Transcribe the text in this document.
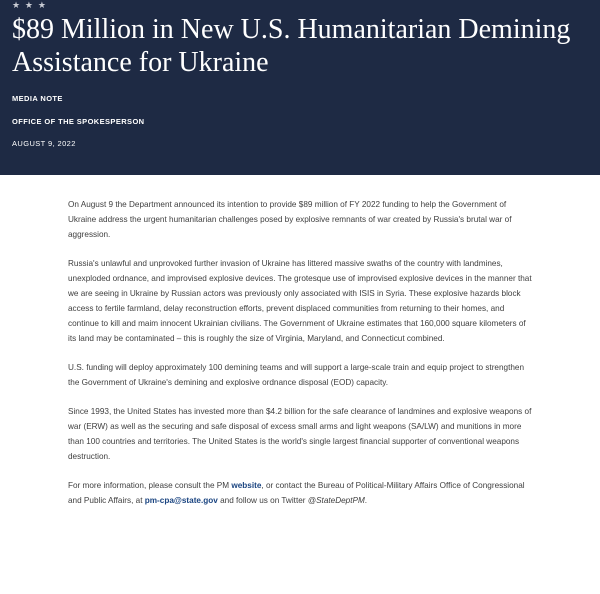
★ ★ ★
$89 Million in New U.S. Humanitarian Demining Assistance for Ukraine
MEDIA NOTE
OFFICE OF THE SPOKESPERSON
AUGUST 9, 2022

On August 9 the Department announced its intention to provide $89 million of FY 2022 funding to help the Government of Ukraine address the urgent humanitarian challenges posed by explosive remnants of war created by Russia's brutal war of aggression.

Russia's unlawful and unprovoked further invasion of Ukraine has littered massive swaths of the country with landmines, unexploded ordnance, and improvised explosive devices. The grotesque use of improvised explosive devices in the manner that we are seeing in Ukraine by Russian actors was previously only associated with ISIS in Syria. These explosive hazards block access to fertile farmland, delay reconstruction efforts, prevent displaced communities from returning to their homes, and continue to kill and maim innocent Ukrainian civilians. The Government of Ukraine estimates that 160,000 square kilometers of its land may be contaminated – this is roughly the size of Virginia, Maryland, and Connecticut combined.

U.S. funding will deploy approximately 100 demining teams and will support a large-scale train and equip project to strengthen the Government of Ukraine's demining and explosive ordnance disposal (EOD) capacity.

Since 1993, the United States has invested more than $4.2 billion for the safe clearance of landmines and explosive weapons of war (ERW) as well as the securing and safe disposal of excess small arms and light weapons (SA/LW) and munitions in more than 100 countries and territories. The United States is the world's single largest financial supporter of conventional weapons destruction.

For more information, please consult the PM website, or contact the Bureau of Political-Military Affairs Office of Congressional and Public Affairs, at pm-cpa@state.gov and follow us on Twitter @StateDeptPM.
